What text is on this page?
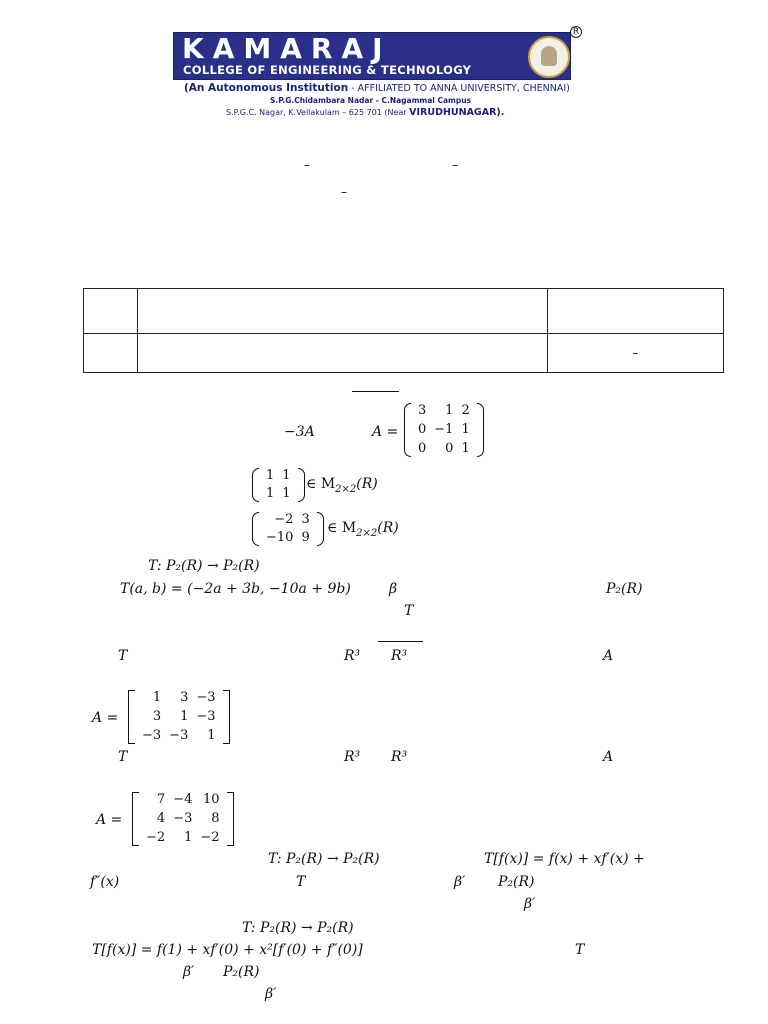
KAMARAJ
COLLEGE OF ENGINEERING & TECHNOLOGY
R
(An Autonomous Institution - AFFILIATED TO ANNA UNIVERSITY, CHENNAI)
S.P.G.Chidambara Nadar - C.Nagammal Campus
S.P.G.C. Nagar, K.Vellakulam – 625 701 (Near VIRUDHUNAGAR).
–	–
–

		–
−3A	A =
3	1 2
0 −1 1
0	0 1
1 1
1 1
∈ $M_{2\times 2}(R)$
−2 3
−10 9
∈ $M_{2\times 2}(R)$
T: P₂(R) → P₂(R)
T(a, b) = (−2a + 3b, −10a + 9b)	β	P₂(R)
T
T	R³ R³	A
A =
1	3 −3
3	1 −3
−3 −3	1
T	R³ R³	A
A =
7 −4 10
4 −3	8
−2	1 −2
T: P₂(R) → P₂(R)	T[f(x)] = f(x) + xf′(x) +
f″(x)	T	β′ P₂(R)
β′
T: P₂(R) → P₂(R)
T[f(x)] = f(1) + xf′(0) + x²[f′(0) + f″(0)]	T
β′ P₂(R)
β′
